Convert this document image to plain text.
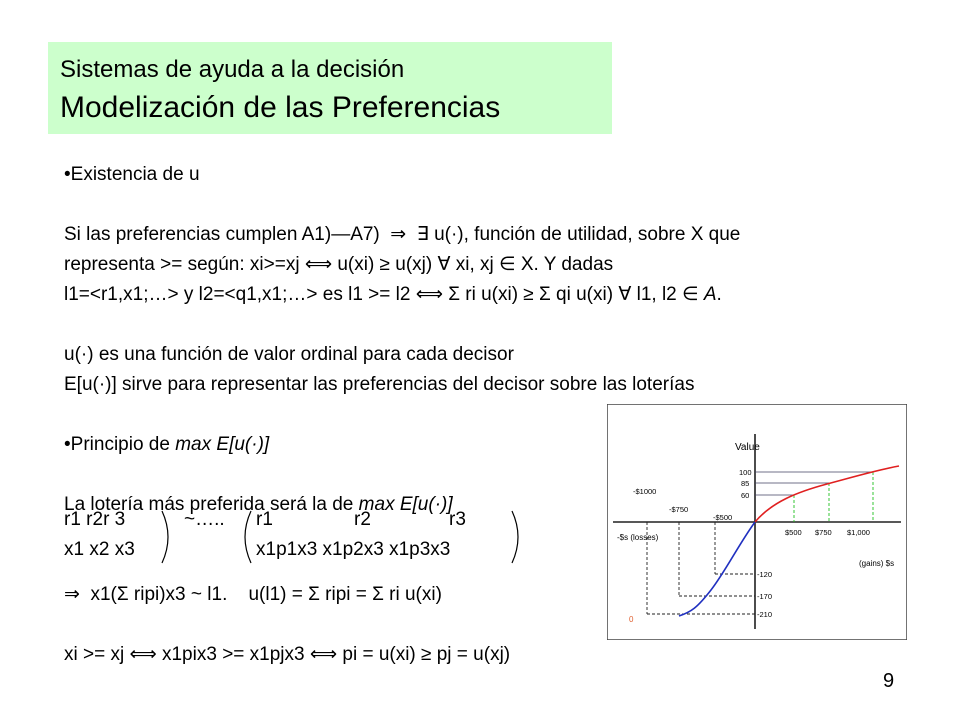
Sistemas de ayuda a la decisión
Modelización de las Preferencias
•Existencia de u
Si las preferencias cumplen A1)—A7)  ⇒  ∃ u(·), función de utilidad, sobre X que
representa >= según: xi>=xj ⟺ u(xi) ≥ u(xj) ∀ xi, xj ∈ X. Y dadas
l1=<r1,x1;…> y l2=<q1,x1;…> es l1 >= l2 ⟺ Σ ri u(xi) ≥ Σ qi u(xi) ∀ l1, l2 ∈ A.
u(·) es una función de valor ordinal para cada decisor
E[u(·)] sirve para representar las preferencias del decisor sobre las loterías
•Principio de max E[u(·)]
La lotería más preferida será la de max E[u(·)]
r1 r2r 3	~….. r1	r2	r3
x1 x2 x3	x1p1x3 x1p2x3 x1p3x3
⇒  x1(Σ ripi)x3 ~ l1.    u(l1) = Σ ripi = Σ ri u(xi)
xi >= xj ⟺ x1pix3 >= x1pjx3 ⟺ pi = u(xi) ≥ pj = u(xj)
9
Value
100
85
60
-120
-170
-210
-$1000
-$750
-$500
$500 $750 $1,000
-$s (losses)
(gains) $s
0
